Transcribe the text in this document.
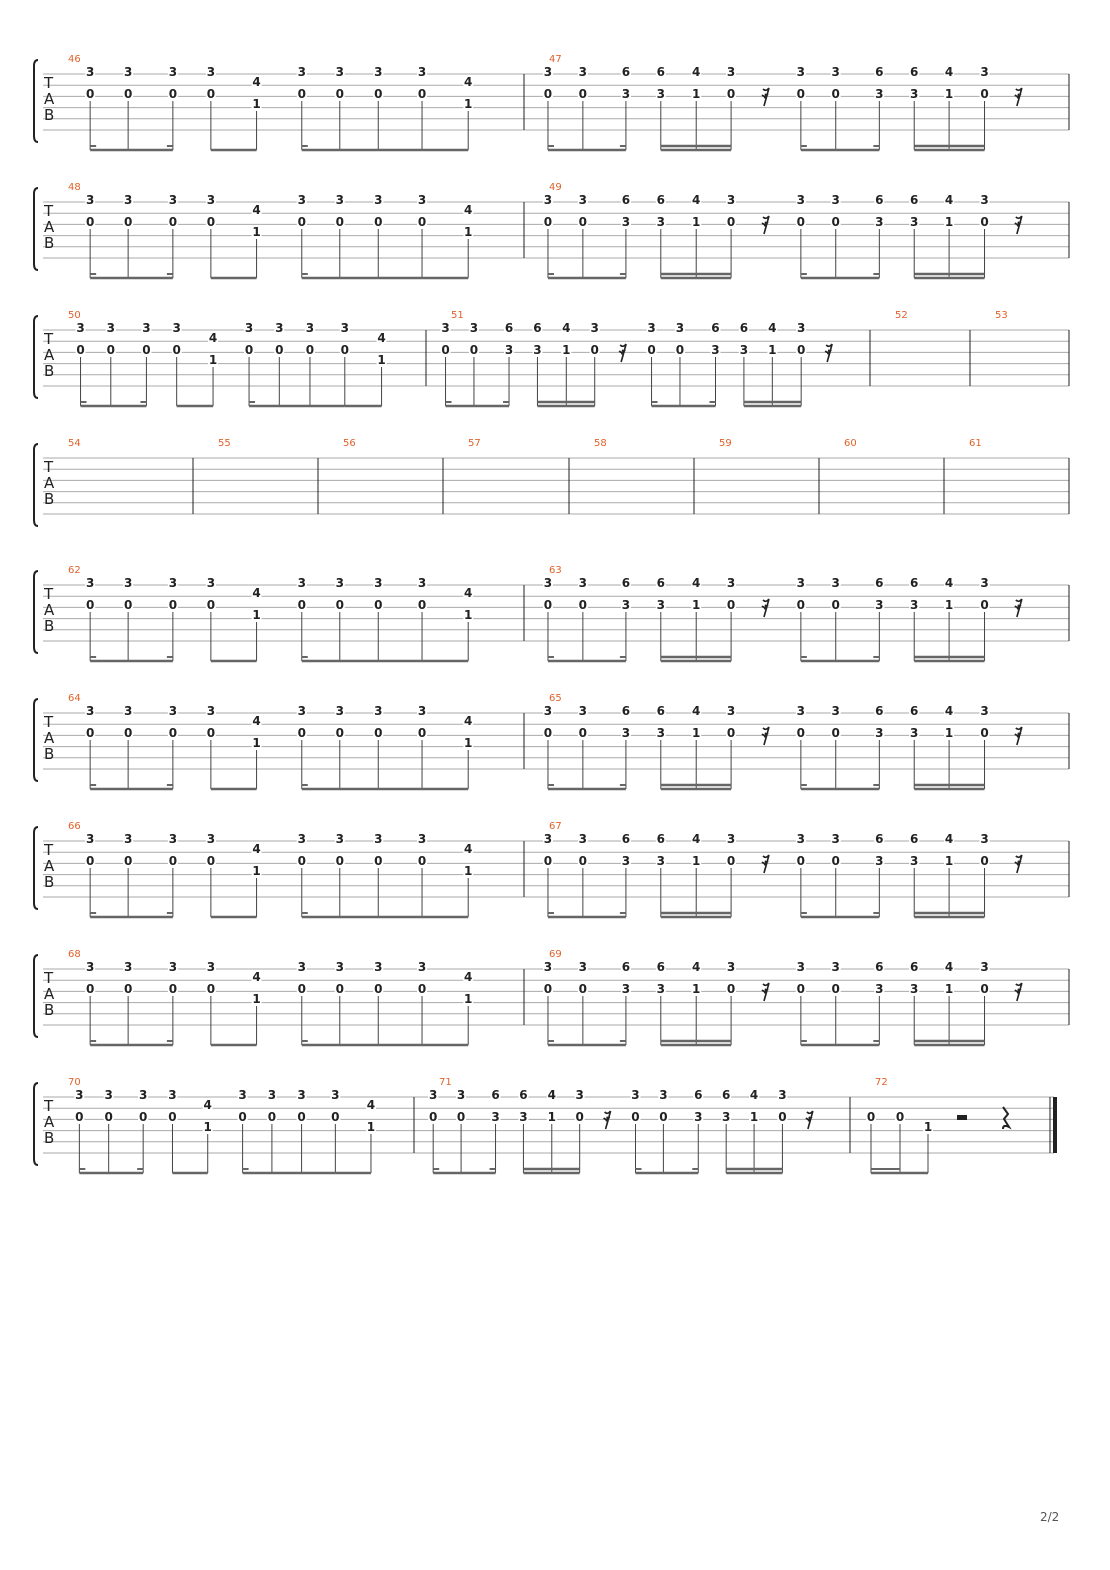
T
A
B
46
3
0
3
0
3
0
3
0
4
1
3
0
3
0
3
0
3
0
4
1
47
3
0
3
0
6
3
6
3
4
1
3
0
3
0
3
0
6
3
6
3
4
1
3
0
𝄿	𝄿
T
A
B
48
3
0
3
0
3
0
3
0
4
1
3
0
3
0
3
0
3
0
4
1
49
3
0
3
0
6
3
6
3
4
1
3
0
3
0
3
0
6
3
6
3
4
1
3
0
𝄿	𝄿
T
A
B
50
3
0
3
0
3
0
3
0
4
1
3
0
3
0
3
0
3
0
4
1
51
3
0
3
0
6
3
6
3
4
1
3
0
3
0
3
0
6
3
6
3
4
1
3
0
𝄿	𝄿
52	53
T
A
B
54	55	56	57	58	59	60	61
T
A
B
62
3
0
3
0
3
0
3
0
4
1
3
0
3
0
3
0
3
0
4
1
63
3
0
3
0
6
3
6
3
4
1
3
0
3
0
3
0
6
3
6
3
4
1
3
0
𝄿	𝄿
T
A
B
64
3
0
3
0
3
0
3
0
4
1
3
0
3
0
3
0
3
0
4
1
65
3
0
3
0
6
3
6
3
4
1
3
0
3
0
3
0
6
3
6
3
4
1
3
0
𝄿	𝄿
T
A
B
66
3
0
3
0
3
0
3
0
4
1
3
0
3
0
3
0
3
0
4
1
67
3
0
3
0
6
3
6
3
4
1
3
0
3
0
3
0
6
3
6
3
4
1
3
0
𝄿	𝄿
T
A
B
68
3
0
3
0
3
0
3
0
4
1
3
0
3
0
3
0
3
0
4
1
69
3
0
3
0
6
3
6
3
4
1
3
0
3
0
3
0
6
3
6
3
4
1
3
0
𝄿	𝄿
T
A
B
70
3
0
3
0
3
0
3
0
4
1
3
0
3
0
3
0
3
0
4
1
71
3
0
3
0
6
3
6
3
4
1
3
0
3
0
3
0
6
3
6
3
4
1
3
0
𝄿	𝄿
72
0 0
1
2/2
